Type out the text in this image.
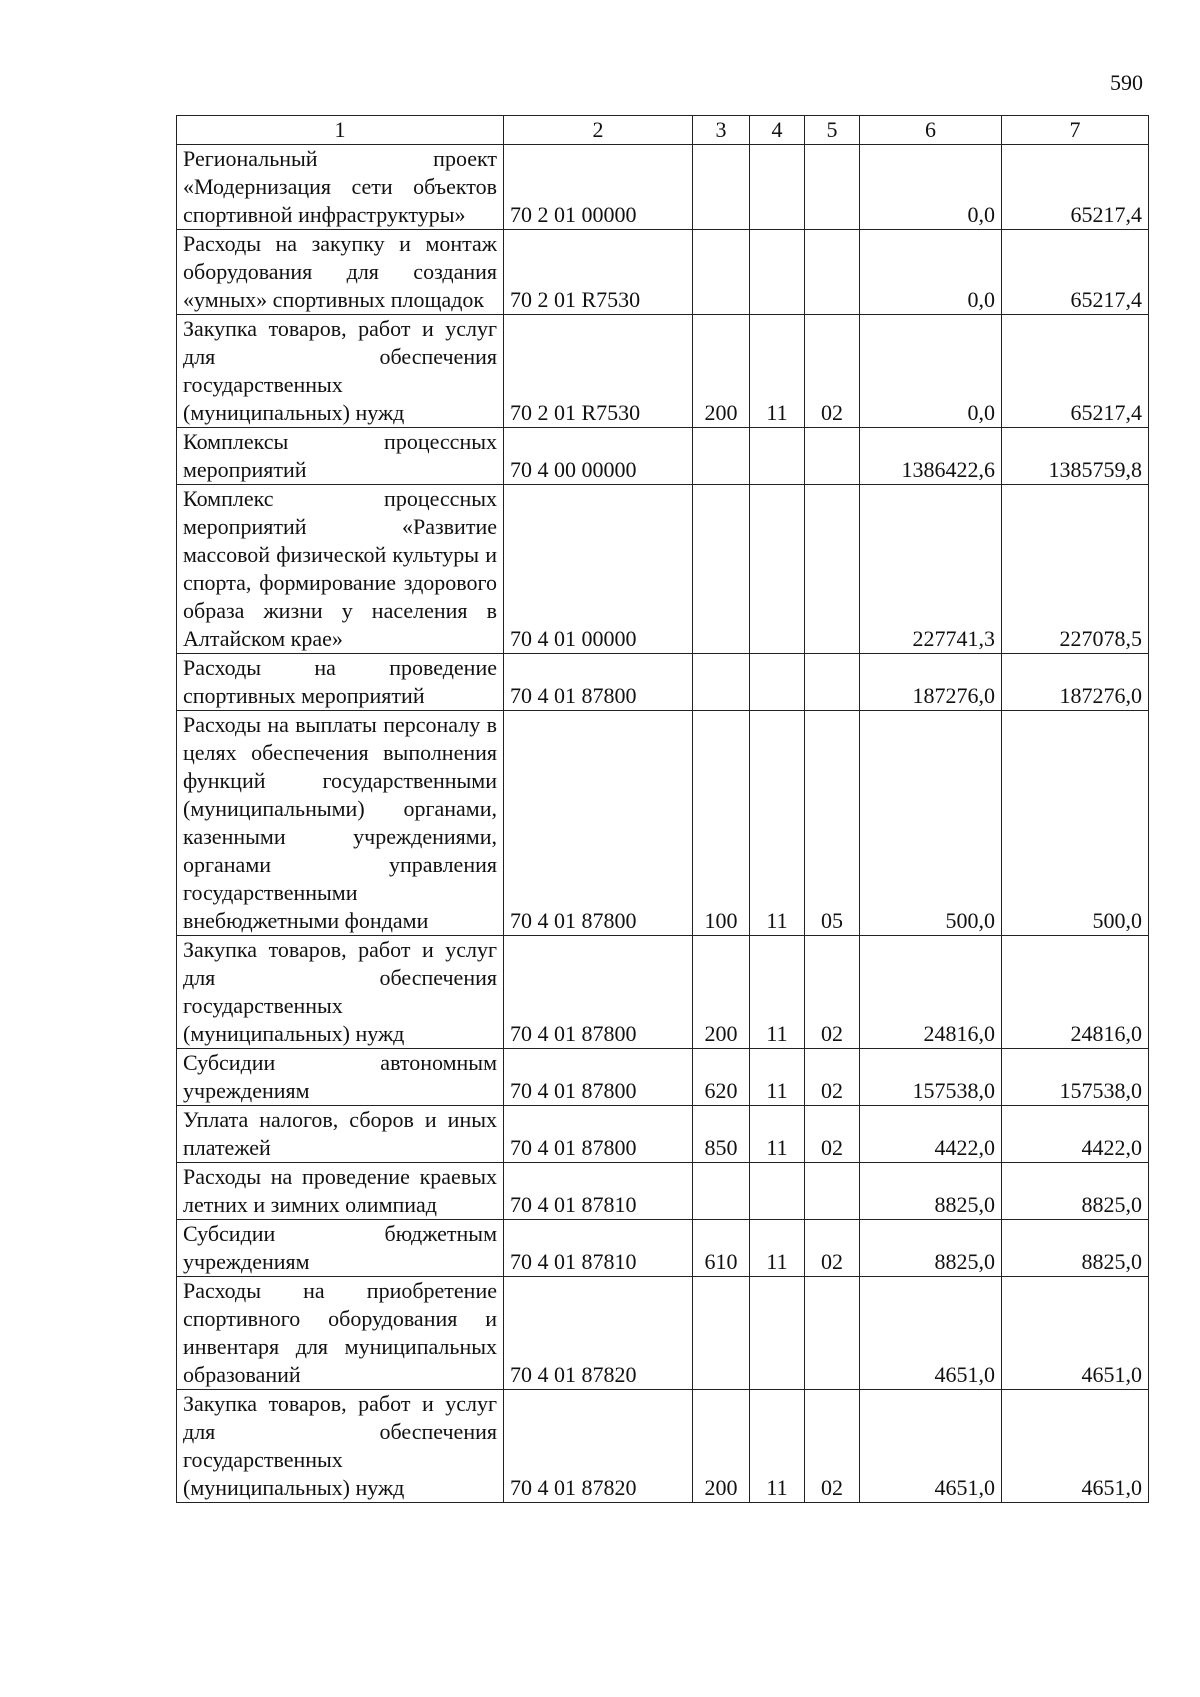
590
1	2	3	4	5	6	7
Региональный проект «Модернизация сети объектов спортивной инфраструктуры»	70 2 01 00000				0,0	65217,4
Расходы на закупку и монтаж оборудования для создания «умных» спортивных площадок	70 2 01 R7530				0,0	65217,4
Закупка товаров, работ и услуг для обеспечения государственных (муниципальных) нужд	70 2 01 R7530	200	11	02	0,0	65217,4
Комплексы процессных мероприятий	70 4 00 00000				1386422,6	1385759,8
Комплекс процессных мероприятий «Развитие массовой физической культуры и спорта, формирование здорового образа жизни у населения в Алтайском крае»	70 4 01 00000				227741,3	227078,5
Расходы на проведение спортивных мероприятий	70 4 01 87800				187276,0	187276,0
Расходы на выплаты персоналу в целях обеспечения выполнения функций государственными (муниципальными) органами, казенными учреждениями, органами управления государственными внебюджетными фондами	70 4 01 87800	100	11	05	500,0	500,0
Закупка товаров, работ и услуг для обеспечения государственных (муниципальных) нужд	70 4 01 87800	200	11	02	24816,0	24816,0
Субсидии автономным учреждениям	70 4 01 87800	620	11	02	157538,0	157538,0
Уплата налогов, сборов и иных платежей	70 4 01 87800	850	11	02	4422,0	4422,0
Расходы на проведение краевых летних и зимних олимпиад	70 4 01 87810				8825,0	8825,0
Субсидии бюджетным учреждениям	70 4 01 87810	610	11	02	8825,0	8825,0
Расходы на приобретение спортивного оборудования и инвентаря для муниципальных образований	70 4 01 87820				4651,0	4651,0
Закупка товаров, работ и услуг для обеспечения государственных (муниципальных) нужд	70 4 01 87820	200	11	02	4651,0	4651,0
